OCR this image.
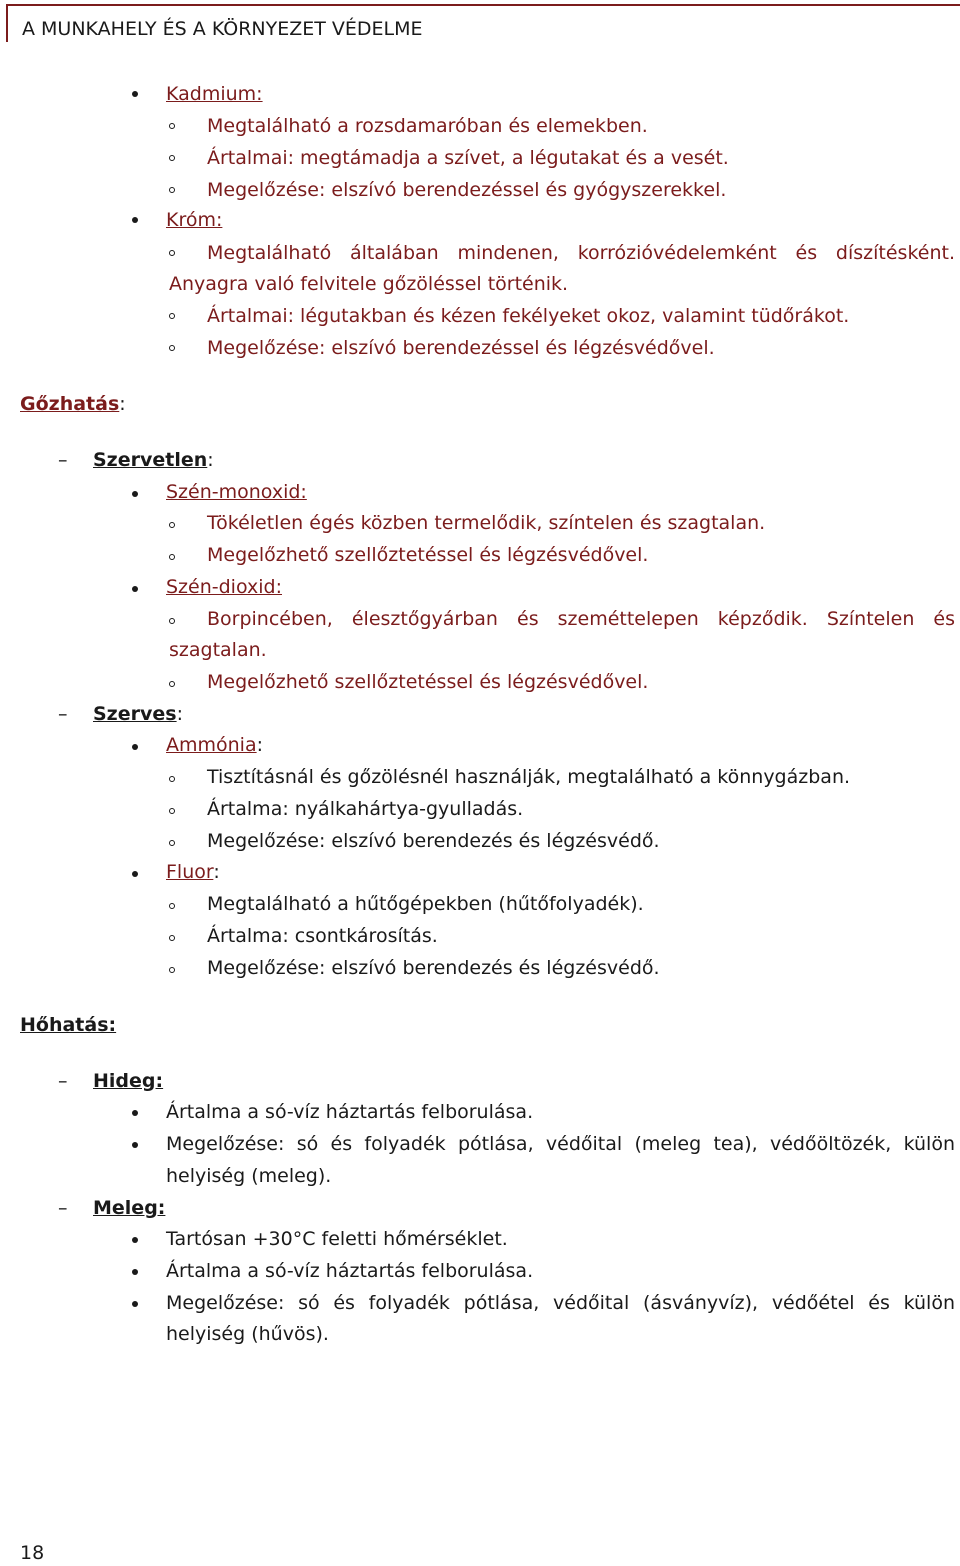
A MUNKAHELY ÉS A KÖRNYEZET VÉDELME
Kadmium:
Megtalálható a rozsdamaróban és elemekben.
Ártalmai: megtámadja a szívet, a légutakat és a vesét.
Megelőzése: elszívó berendezéssel és gyógyszerekkel.
Króm:
Megtalálható általában mindenen, korrózióvédelemként és díszítésként.
Anyagra való felvitele gőzöléssel történik.
Ártalmai: légutakban és kézen fekélyeket okoz, valamint tüdőrákot.
Megelőzése: elszívó berendezéssel és légzésvédővel.
Gőzhatás:
– Szervetlen:
Szén-monoxid:
Tökéletlen égés közben termelődik, színtelen és szagtalan.
Megelőzhető szellőztetéssel és légzésvédővel.
Szén-dioxid:
Borpincében, élesztőgyárban és szeméttelepen képződik. Színtelen és
szagtalan.
Megelőzhető szellőztetéssel és légzésvédővel.
– Szerves:
Ammónia:
Tisztításnál és gőzölésnél használják, megtalálható a könnygázban.
Ártalma: nyálkahártya-gyulladás.
Megelőzése: elszívó berendezés és légzésvédő.
Fluor:
Megtalálható a hűtőgépekben (hűtőfolyadék).
Ártalma: csontkárosítás.
Megelőzése: elszívó berendezés és légzésvédő.
Hőhatás:
– Hideg:
Ártalma a só-víz háztartás felborulása.
Megelőzése: só és folyadék pótlása, védőital (meleg tea), védőöltözék, külön
helyiség (meleg).
– Meleg:
Tartósan +30°C feletti hőmérséklet.
Ártalma a só-víz háztartás felborulása.
Megelőzése: só és folyadék pótlása, védőital (ásványvíz), védőétel és külön
helyiség (hűvös).
18
